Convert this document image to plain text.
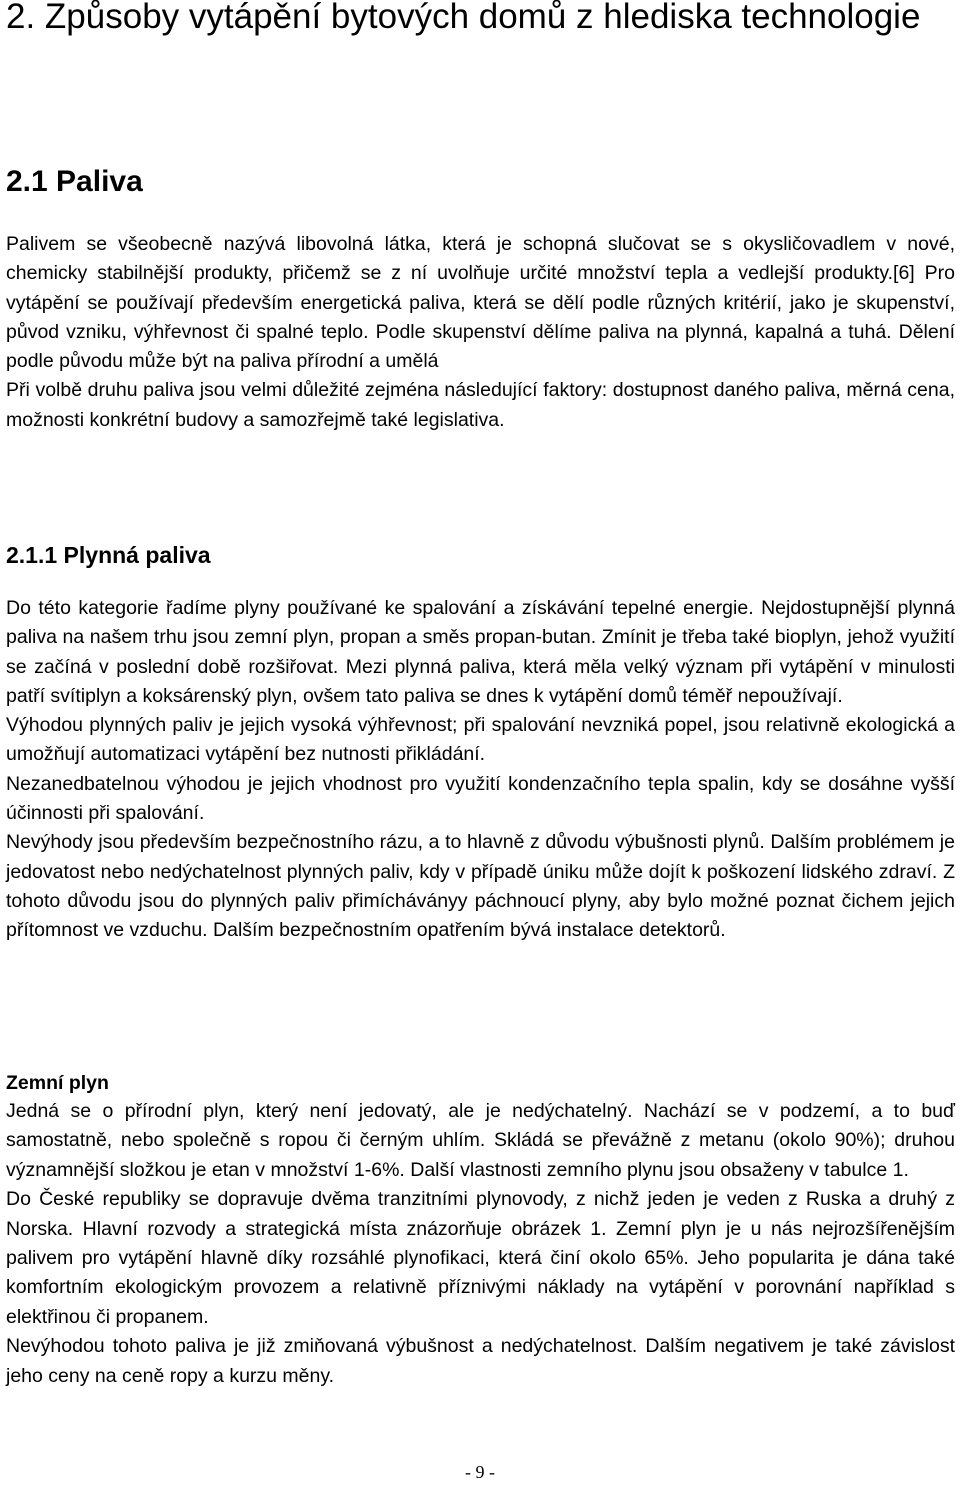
2. Způsoby vytápění bytových domů z hlediska technologie
2.1 Paliva

Palivem se všeobecně nazývá libovolná látka, která je schopná slučovat se s okysličovadlem v nové, chemicky stabilnější produkty, přičemž se z ní uvolňuje určité množství tepla a vedlejší produkty.[6] Pro vytápění se používají především energetická paliva, která se dělí podle různých kritérií, jako je skupenství, původ vzniku, výhřevnost či spalné teplo. Podle skupenství dělíme paliva na plynná, kapalná a tuhá. Dělení podle původu může být na paliva přírodní a umělá

Při volbě druhu paliva jsou velmi důležité zejména následující faktory: dostupnost daného paliva, měrná cena, možnosti konkrétní budovy a samozřejmě také legislativa.

2.1.1 Plynná paliva

Do této kategorie řadíme plyny používané ke spalování a získávání tepelné energie. Nejdostupnější plynná paliva na našem trhu jsou zemní plyn, propan a směs propan-butan. Zmínit je třeba také bioplyn, jehož využití se začíná v poslední době rozšiřovat. Mezi plynná paliva, která měla velký význam při vytápění v minulosti patří svítiplyn a koksárenský plyn, ovšem tato paliva se dnes k vytápění domů téměř nepoužívají.

Výhodou plynných paliv je jejich vysoká výhřevnost; při spalování nevzniká popel, jsou relativně ekologická a umožňují automatizaci vytápění bez nutnosti přikládání.

Nezanedbatelnou výhodou je jejich vhodnost pro využití kondenzačního tepla spalin, kdy se dosáhne vyšší účinnosti při spalování.

Nevýhody jsou především bezpečnostního rázu, a to hlavně z důvodu výbušnosti plynů. Dalším problémem je jedovatost nebo nedýchatelnost plynných paliv, kdy v případě úniku může dojít k poškození lidského zdraví. Z tohoto důvodu jsou do plynných paliv přimícháványy páchnoucí plyny, aby bylo možné poznat čichem jejich přítomnost ve vzduchu. Dalším bezpečnostním opatřením bývá instalace detektorů.

Zemní plyn

Jedná se o přírodní plyn, který není jedovatý, ale je nedýchatelný. Nachází se v podzemí, a to buď samostatně, nebo společně s ropou či černým uhlím. Skládá se převážně z metanu (okolo 90%); druhou významnější složkou je etan v množství 1-6%. Další vlastnosti zemního plynu jsou obsaženy v tabulce 1.

Do České republiky se dopravuje dvěma tranzitními plynovody, z nichž jeden je veden z Ruska a druhý z Norska. Hlavní rozvody a strategická místa znázorňuje obrázek 1. Zemní plyn je u nás nejrozšířenějším palivem pro vytápění hlavně díky rozsáhlé plynofikaci, která činí okolo 65%. Jeho popularita je dána také komfortním ekologickým provozem a relativně příznivými náklady na vytápění v porovnání například s elektřinou či propanem.

Nevýhodou tohoto paliva je již zmiňovaná výbušnost a nedýchatelnost. Dalším negativem je také závislost jeho ceny na ceně ropy a kurzu měny.

- 9 -
